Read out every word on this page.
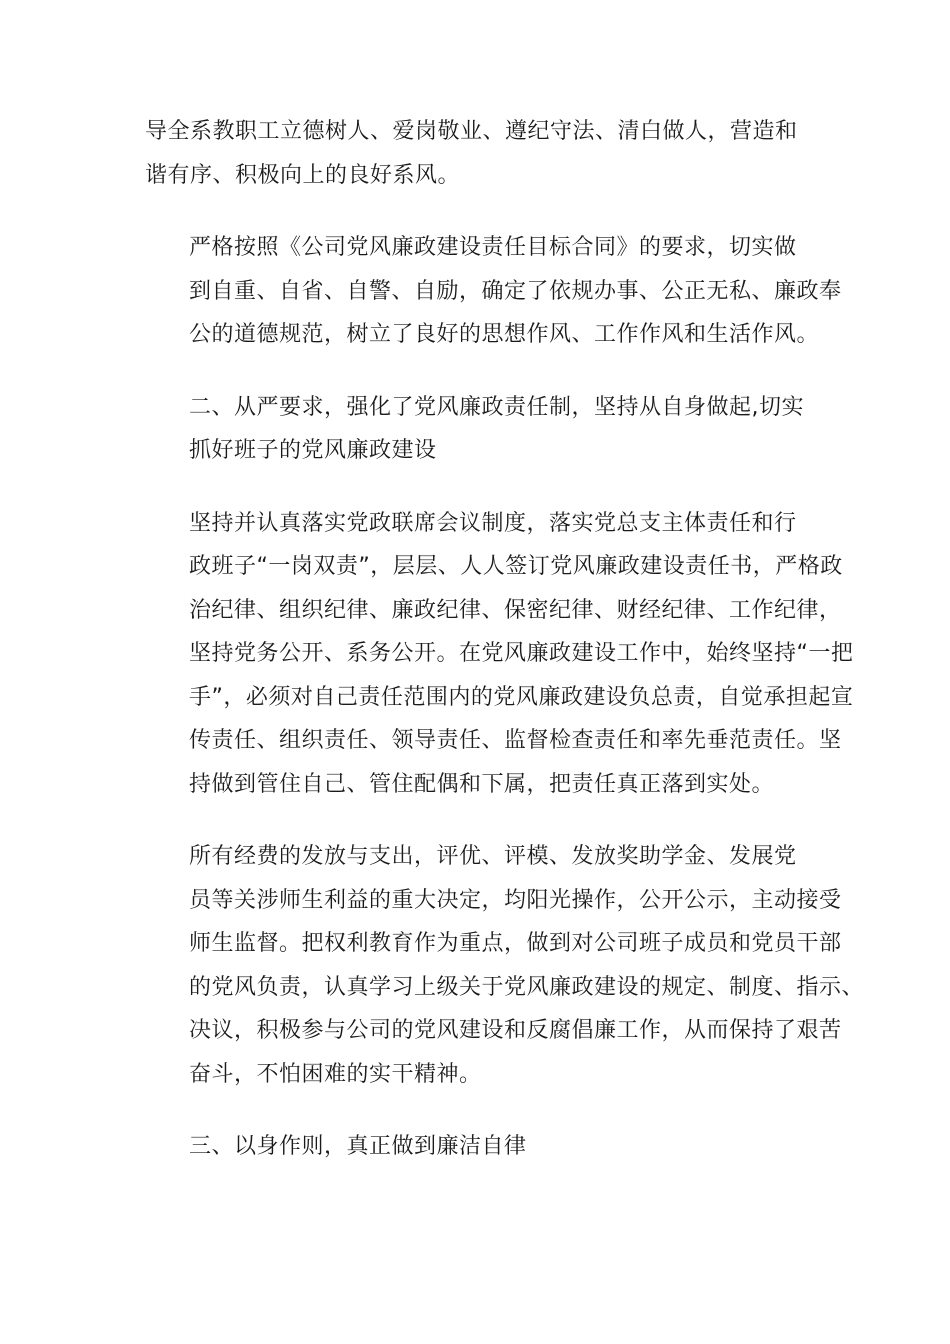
导全系教职工立德树人、爱岗敬业、遵纪守法、清白做人，营造和
谐有序、积极向上的良好系风。

严格按照《公司党风廉政建设责任目标合同》的要求，切实做
到自重、自省、自警、自励，确定了依规办事、公正无私、廉政奉
公的道德规范，树立了良好的思想作风、工作作风和生活作风。

二、从严要求，强化了党风廉政责任制，坚持从自身做起,切实
抓好班子的党风廉政建设

坚持并认真落实党政联席会议制度，落实党总支主体责任和行
政班子“一岗双责”，层层、人人签订党风廉政建设责任书，严格政
治纪律、组织纪律、廉政纪律、保密纪律、财经纪律、工作纪律，
坚持党务公开、系务公开。在党风廉政建设工作中，始终坚持“一把
手”，必须对自己责任范围内的党风廉政建设负总责，自觉承担起宣
传责任、组织责任、领导责任、监督检查责任和率先垂范责任。坚
持做到管住自己、管住配偶和下属，把责任真正落到实处。

所有经费的发放与支出，评优、评模、发放奖助学金、发展党
员等关涉师生利益的重大决定，均阳光操作，公开公示，主动接受
师生监督。把权利教育作为重点，做到对公司班子成员和党员干部
的党风负责，认真学习上级关于党风廉政建设的规定、制度、指示、
决议，积极参与公司的党风建设和反腐倡廉工作，从而保持了艰苦
奋斗，不怕困难的实干精神。

三、以身作则，真正做到廉洁自律
